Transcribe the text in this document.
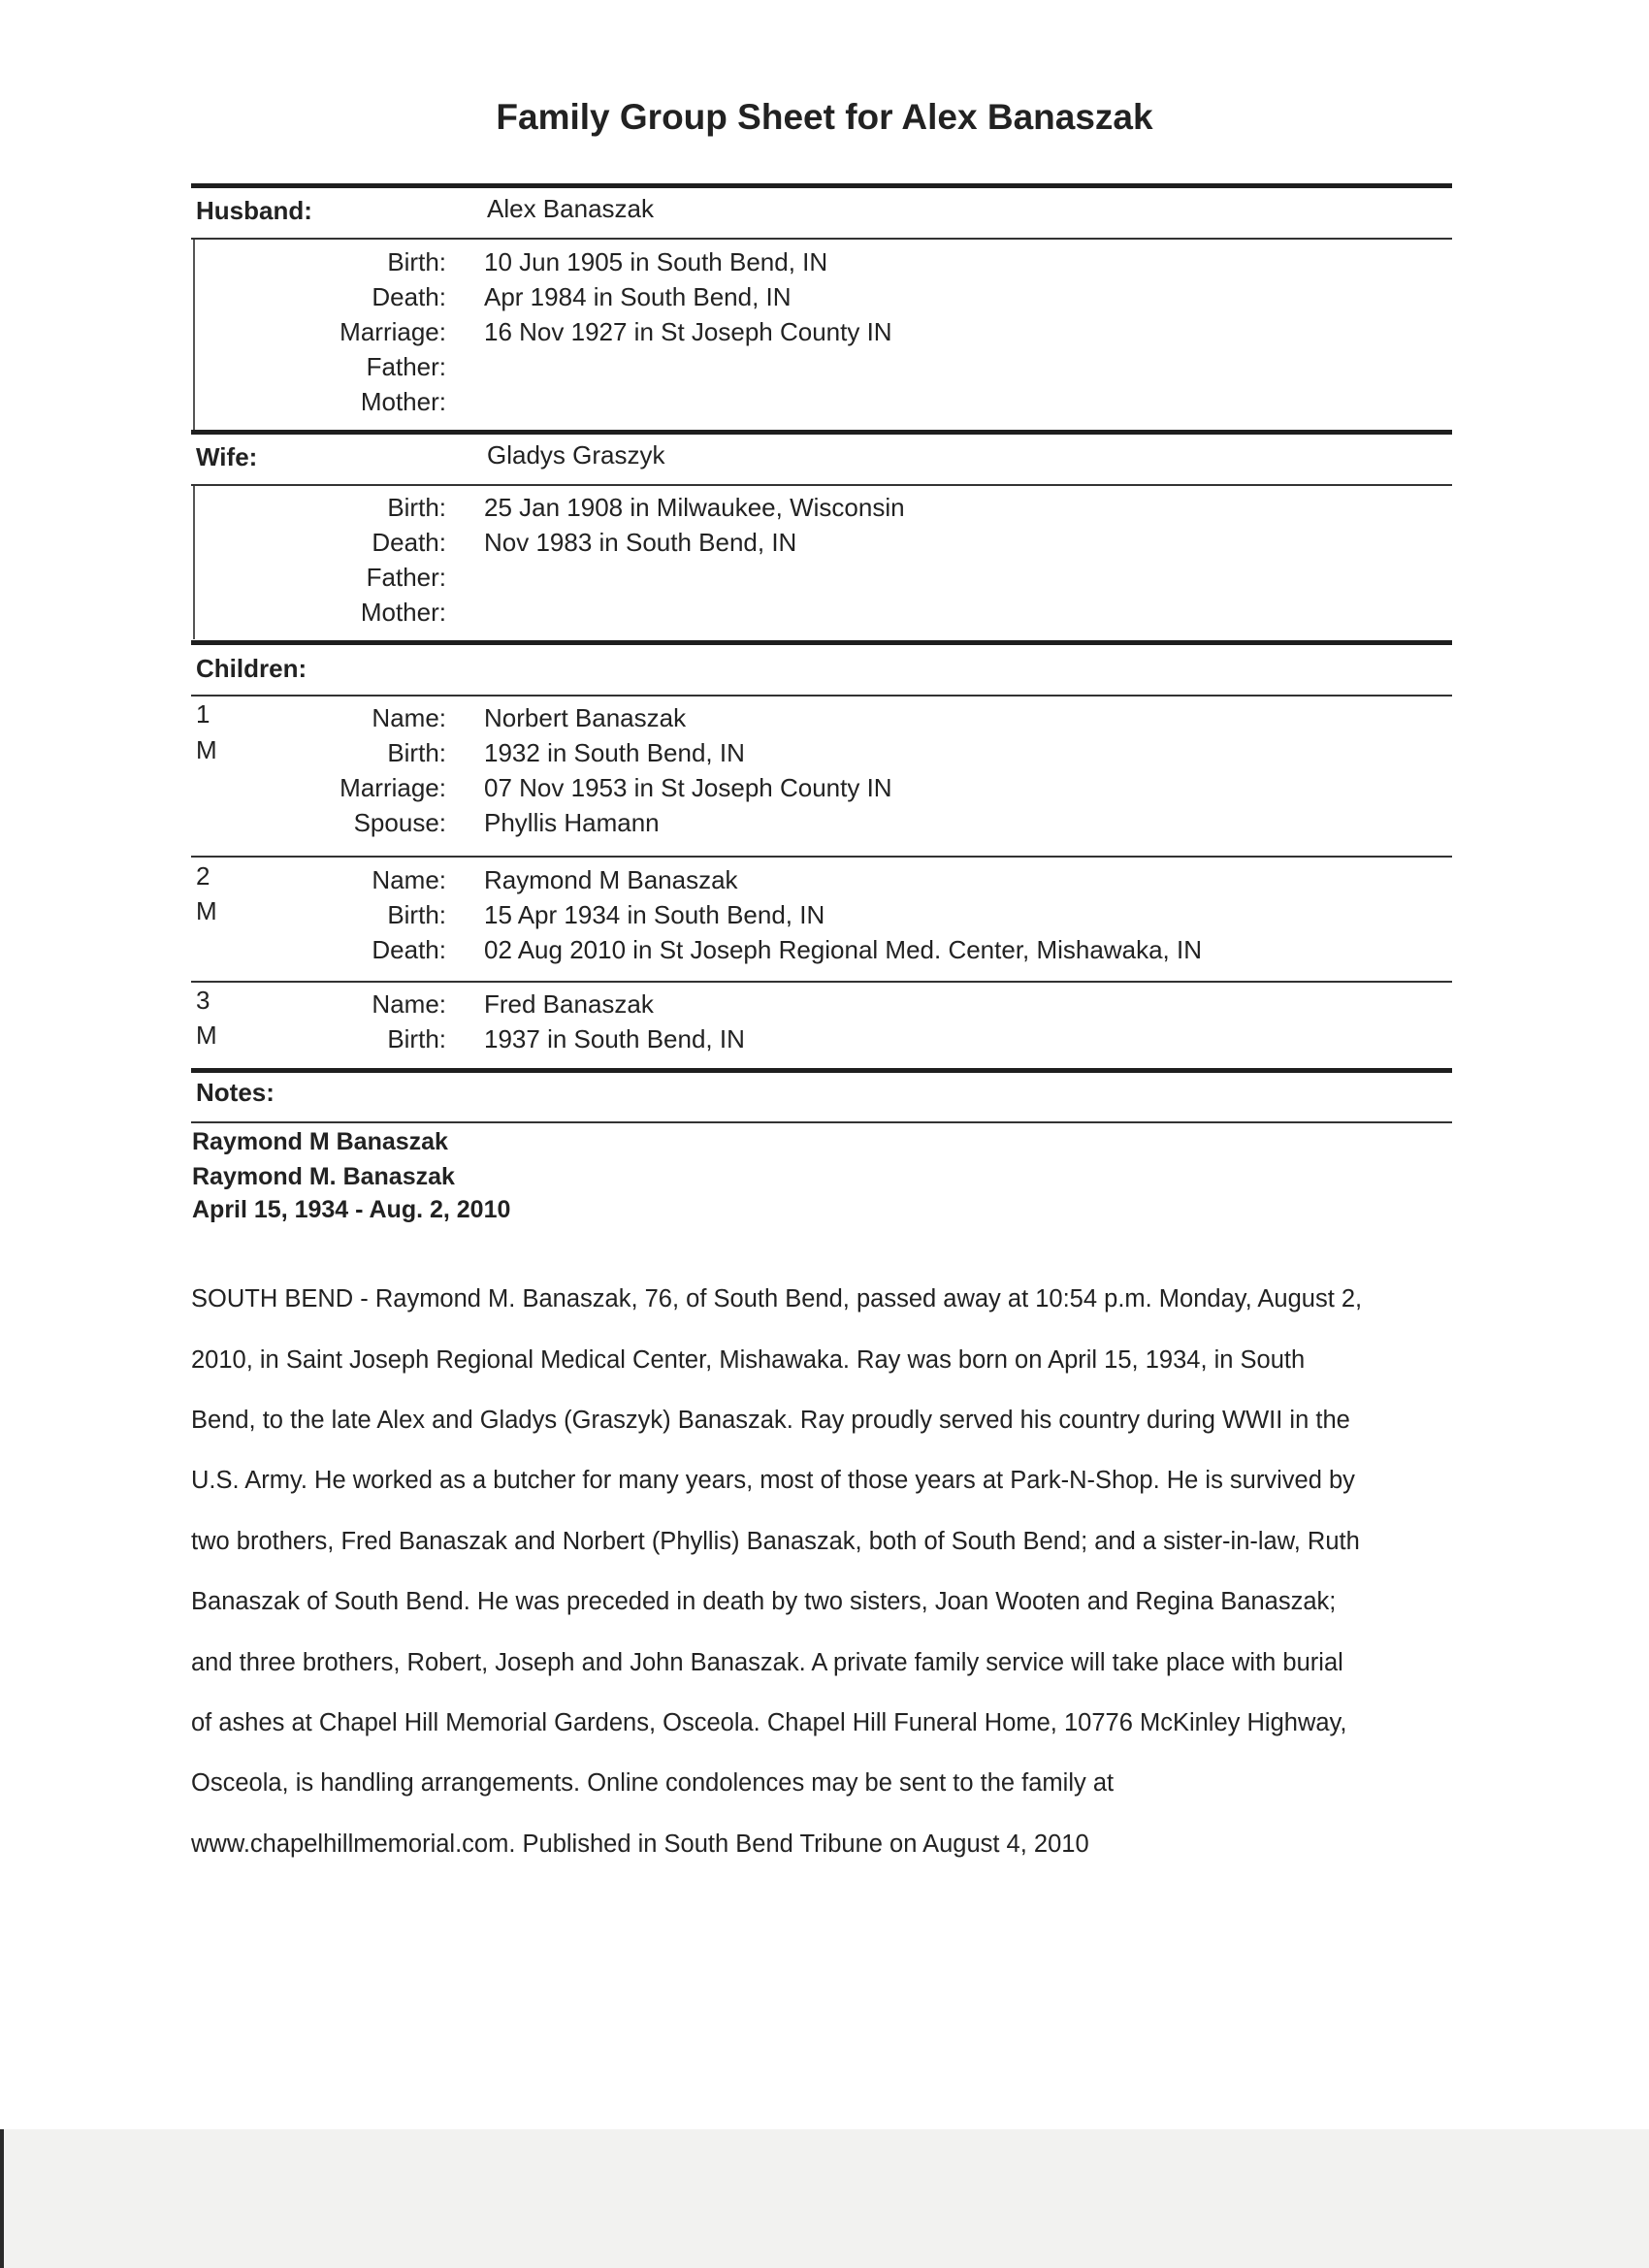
Family Group Sheet for Alex Banaszak
Husband:	Alex Banaszak
Birth: 10 Jun 1905 in South Bend, IN
Death: Apr 1984 in South Bend, IN
Marriage: 16 Nov 1927 in St Joseph County IN
Father:
Mother:
Wife:	Gladys Graszyk
Birth: 25 Jan 1908 in Milwaukee, Wisconsin
Death: Nov 1983 in South Bend, IN
Father:
Mother:
Children:
1
M
Name: Norbert Banaszak
Birth: 1932 in South Bend, IN
Marriage: 07 Nov 1953 in St Joseph County IN
Spouse: Phyllis Hamann
2
M
Name: Raymond M Banaszak
Birth: 15 Apr 1934 in South Bend, IN
Death: 02 Aug 2010 in St Joseph Regional Med. Center, Mishawaka, IN
3
M
Name: Fred Banaszak
Birth: 1937 in South Bend, IN
Notes:
Raymond M Banaszak
Raymond M. Banaszak
April 15, 1934 - Aug. 2, 2010

SOUTH BEND - Raymond M. Banaszak, 76, of South Bend, passed away at 10:54 p.m. Monday, August 2,

2010, in Saint Joseph Regional Medical Center, Mishawaka. Ray was born on April 15, 1934, in South

Bend, to the late Alex and Gladys (Graszyk) Banaszak. Ray proudly served his country during WWII in the

U.S. Army. He worked as a butcher for many years, most of those years at Park-N-Shop. He is survived by

two brothers, Fred Banaszak and Norbert (Phyllis) Banaszak, both of South Bend; and a sister-in-law, Ruth

Banaszak of South Bend. He was preceded in death by two sisters, Joan Wooten and Regina Banaszak;

and three brothers, Robert, Joseph and John Banaszak. A private family service will take place with burial

of ashes at Chapel Hill Memorial Gardens, Osceola. Chapel Hill Funeral Home, 10776 McKinley Highway,

Osceola, is handling arrangements. Online condolences may be sent to the family at

www.chapelhillmemorial.com. Published in South Bend Tribune on August 4, 2010
